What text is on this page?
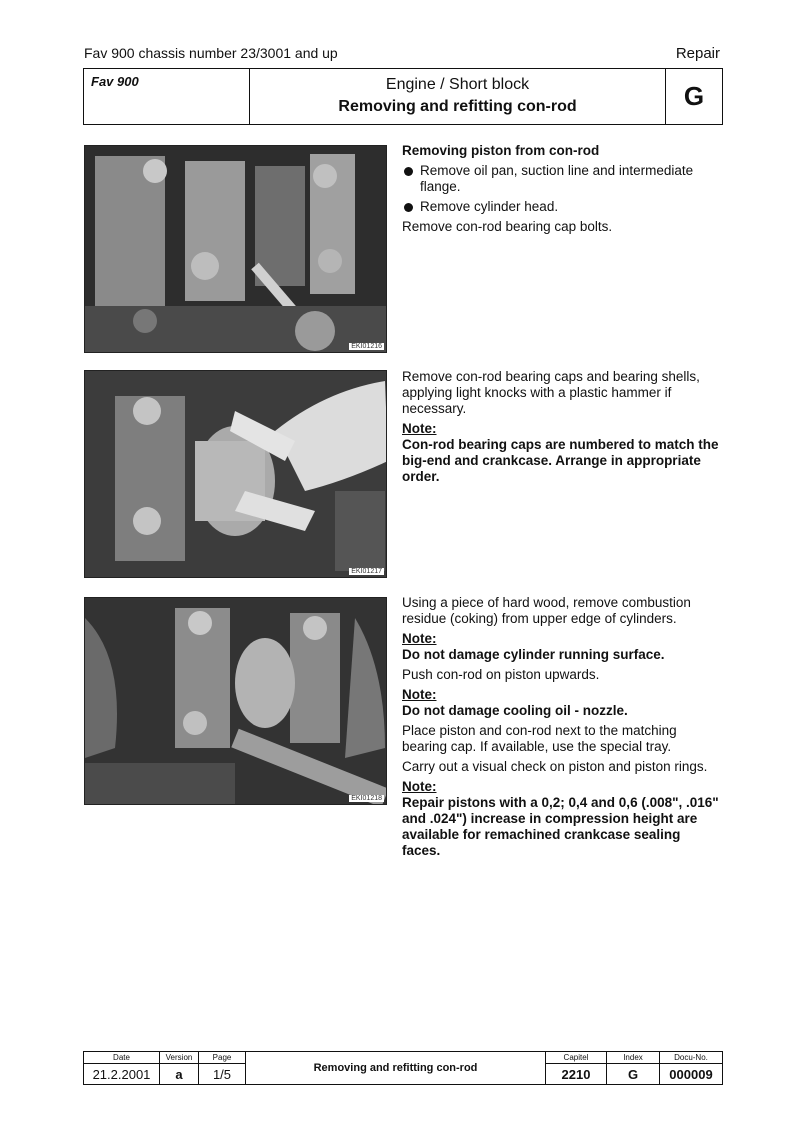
Fav 900 chassis number 23/3001 and up	Repair
Fav 900	Engine / Short block
Removing and refitting con-rod	G
EKI01216
EKI01217
EKI01218

Removing piston from con-rod

Remove oil pan, suction line and intermediate flange.
Remove cylinder head.

Remove con-rod bearing cap bolts.

Remove con-rod bearing caps and bearing shells, applying light knocks with a plastic hammer if necessary.

Note:

Con-rod bearing caps are numbered to match the big-end and crankcase. Arrange in appropriate order.

Using a piece of hard wood, remove combustion residue (coking) from upper edge of cylinders.

Note:

Do not damage cylinder running surface.

Push con-rod on piston upwards.

Note:

Do not damage cooling oil - nozzle.

Place piston and con-rod next to the matching bearing cap. If available, use the special tray.

Carry out a visual check on piston and piston rings.

Note:

Repair pistons with a 0,2; 0,4 and 0,6 (.008", .016" and .024") increase in compression height are available for remachined crankcase sealing faces.

Date	Version	Page	Removing and refitting con-rod	Capitel	Index	Docu-No.
21.2.2001	a	1/5		2210	G	000009
